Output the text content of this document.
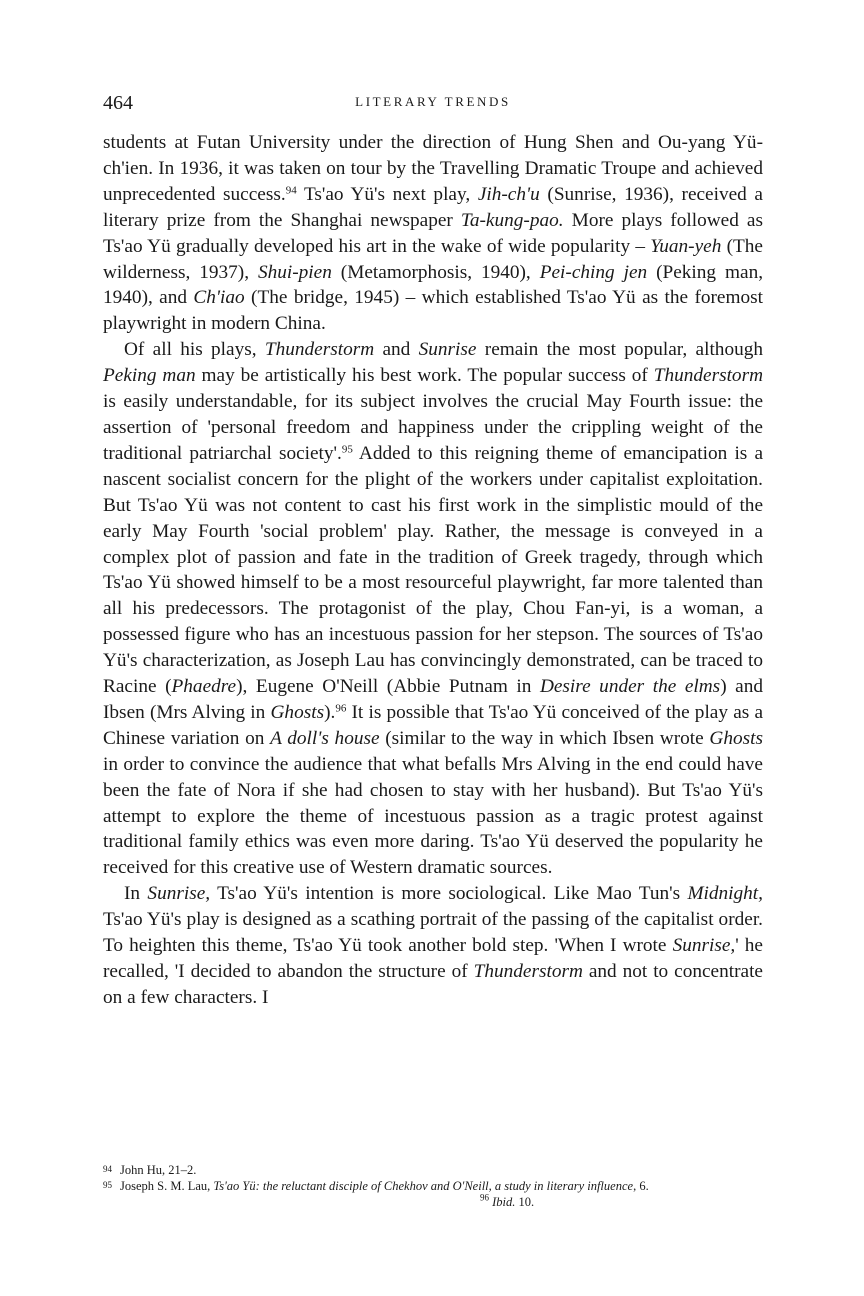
464	LITERARY TRENDS

students at Futan University under the direction of Hung Shen and Ou-yang Yü-ch'ien. In 1936, it was taken on tour by the Travelling Dramatic Troupe and achieved unprecedented success.$^{94}$ Ts'ao Yü's next play, Jih-ch'u (Sunrise, 1936), received a literary prize from the Shanghai newspaper Ta-kung-pao. More plays followed as Ts'ao Yü gradually developed his art in the wake of wide popularity – Yuan-yeh (The wilderness, 1937), Shui-pien (Metamorphosis, 1940), Pei-ching jen (Peking man, 1940), and Ch'iao (The bridge, 1945) – which established Ts'ao Yü as the foremost playwright in modern China.

Of all his plays, Thunderstorm and Sunrise remain the most popular, although Peking man may be artistically his best work. The popular success of Thunderstorm is easily understandable, for its subject involves the crucial May Fourth issue: the assertion of 'personal freedom and happiness under the crippling weight of the traditional patriarchal society'.$^{95}$ Added to this reigning theme of emancipation is a nascent socialist concern for the plight of the workers under capitalist exploitation. But Ts'ao Yü was not content to cast his first work in the simplistic mould of the early May Fourth 'social problem' play. Rather, the message is conveyed in a complex plot of passion and fate in the tradition of Greek tragedy, through which Ts'ao Yü showed himself to be a most resourceful playwright, far more talented than all his predecessors. The protagonist of the play, Chou Fan-yi, is a woman, a possessed figure who has an incestuous passion for her stepson. The sources of Ts'ao Yü's characterization, as Joseph Lau has convincingly demonstrated, can be traced to Racine (Phaedre), Eugene O'Neill (Abbie Putnam in Desire under the elms) and Ibsen (Mrs Alving in Ghosts).$^{96}$ It is possible that Ts'ao Yü conceived of the play as a Chinese variation on A doll's house (similar to the way in which Ibsen wrote Ghosts in order to convince the audience that what befalls Mrs Alving in the end could have been the fate of Nora if she had chosen to stay with her husband). But Ts'ao Yü's attempt to explore the theme of incestuous passion as a tragic protest against traditional family ethics was even more daring. Ts'ao Yü deserved the popularity he received for this creative use of Western dramatic sources.

In Sunrise, Ts'ao Yü's intention is more sociological. Like Mao Tun's Midnight, Ts'ao Yü's play is designed as a scathing portrait of the passing of the capitalist order. To heighten this theme, Ts'ao Yü took another bold step. 'When I wrote Sunrise,' he recalled, 'I decided to abandon the structure of Thunderstorm and not to concentrate on a few characters. I

94 John Hu, 21–2.
95 Joseph S. M. Lau, Ts'ao Yü: the reluctant disciple of Chekhov and O'Neill, a study in literary influence, 6.
$^{96}$ Ibid. 10.
